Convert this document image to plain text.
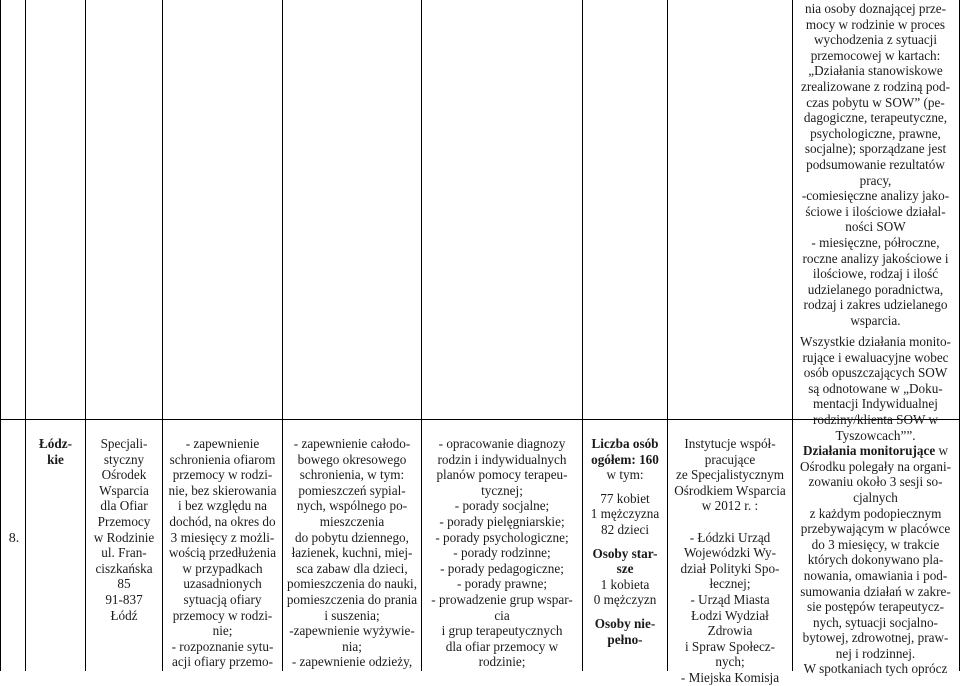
nia osoby doznającej prze-
mocy w rodzinie w proces
wychodzenia z sytuacji
przemocowej w kartach:
„Działania stanowiskowe
zrealizowane z rodziną pod-
czas pobytu w SOW” (pe-
dagogiczne, terapeutyczne,
psychologiczne, prawne,
socjalne); sporządzane jest
podsumowanie rezultatów
pracy,
-comiesięczne analizy jako-
ściowe i ilościowe działal-
ności SOW
- miesięczne, półroczne,
roczne analizy jakościowe i
ilościowe, rodzaj i ilość
udzielanego poradnictwa,
rodzaj i zakres udzielanego
wsparcia.
8.
Łódz-
kie
Specjali-
styczny
Ośrodek
Wsparcia
dla Ofiar
Przemocy
w Rodzinie
ul. Fran-
ciszkańska
85
91-837
Łódź
- zapewnienie
schronienia ofiarom
przemocy w rodzi-
nie, bez skierowania
i bez względu na
dochód, na okres do
3 miesięcy z możli-
wością przedłużenia
w przypadkach
uzasadnionych
sytuacją ofiary
przemocy w rodzi-
nie;
- rozpoznanie sytu-
acji ofiary przemo-
- zapewnienie całodo-
bowego okresowego
schronienia, w tym:
pomieszczeń sypial-
nych, wspólnego po-
mieszczenia
do pobytu dziennego,
łazienek, kuchni, miej-
sca zabaw dla dzieci,
pomieszczenia do nauki,
pomieszczenia do prania
i suszenia;
-zapewnienie wyżywie-
nia;
- zapewnienie odzieży,
- opracowanie diagnozy
rodzin i indywidualnych
planów pomocy terapeu-
tycznej;
- porady socjalne;
- porady pielęgniarskie;
- porady psychologiczne;
- porady rodzinne;
- porady pedagogiczne;
- porady prawne;
- prowadzenie grup wspar-
cia
i grup terapeutycznych
dla ofiar przemocy w
rodzinie;
Liczba osób
ogółem: 160
w tym:

77 kobiet
1 mężczyzna
82 dzieci

Osoby star-
sze
1 kobieta
0 mężczyzn

Osoby nie-
pełno-
Instytucje współ-
pracujące
ze Specjalistycznym
Ośrodkiem Wsparcia
w 2012 r. :

- Łódzki Urząd
Wojewódzki Wy-
dział Polityki Spo-
łecznej;
- Urząd Miasta
Łodzi Wydział
Zdrowia
i Spraw Społecz-
nych;
- Miejska Komisja
Wszystkie działania monito-
rujące i ewaluacyjne wobec
osób opuszczających SOW
są odnotowane w „Doku-
mentacji Indywidualnej
rodziny/klienta SOW w
Tyszowcach””.
Działania monitorujące w
Ośrodku polegały na organi-
zowaniu około 3 sesji so-
cjalnych
z każdym podopiecznym
przebywającym w placówce
do 3 miesięcy, w trakcie
których dokonywano pla-
nowania, omawiania i pod-
sumowania działań w zakre-
sie postępów terapeutycz-
nych, sytuacji socjalno-
bytowej, zdrowotnej, praw-
nej i rodzinnej.
W spotkaniach tych oprócz
